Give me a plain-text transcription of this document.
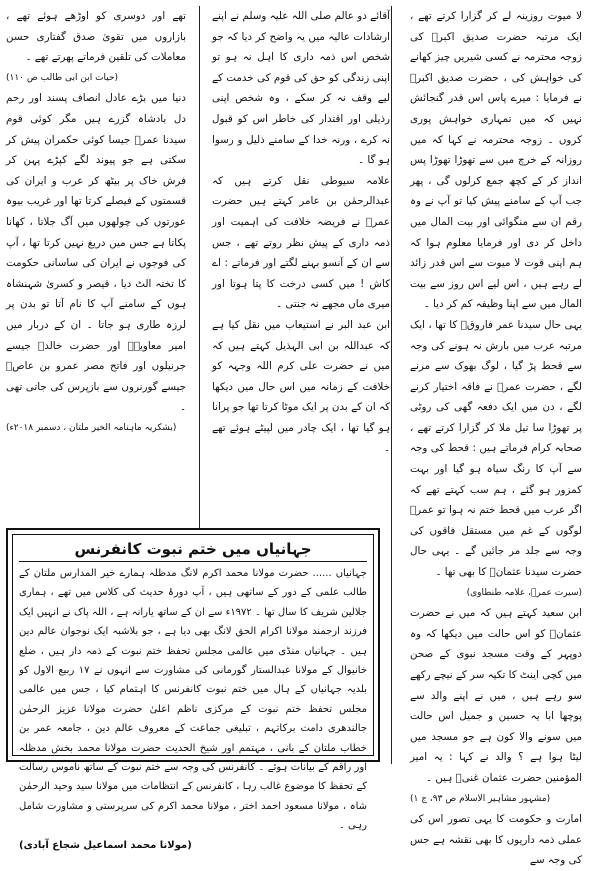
لا میوت روزینہ لے کر گزارا کرتے تھے ، ایک مرتبہ حضرت صدیق اکبرؓ کی زوجہ محترمہ نے کسی شیریں چیز کھانے کی خواہش کی ، حضرت صدیق اکبرؓ نے فرمایا : میرے پاس اس قدر گنجائش نہیں کہ میں تمہاری خواہش پوری کروں ۔ زوجہ محترمہ نے کہا کہ میں روزانہ کے خرچ میں سے تھوڑا تھوڑا پس انداز کر کے کچھ جمع کرلوں گی ، پھر جب آپ کے سامنے پیش کیا تو آپ نے وہ رقم ان سے منگوائی اور بیت المال میں داخل کر دی اور فرمایا معلوم ہوا کہ ہم اپنی قوت لا میوت سے اس قدر زائد لے رہے ہیں ، اس لیے اس روز سے بیت المال میں سے اپنا وظیفہ کم کر دیا ۔

یہی حال سیدنا عمر فاروقؓ کا تھا ، ایک مرتبہ عرب میں بارش نہ ہونے کی وجہ سے قحط پڑ گیا ، لوگ بھوک سے مرنے لگے ، حضرت عمرؓ نے فاقہ اختیار کرنے لگے ، دن میں ایک دفعہ گھی کی روٹی پر تھوڑا سا تیل ملا کر گزارا کرتے تھے ، صحابہ کرام فرماتے ہیں : قحط کی وجہ سے آپ کا رنگ سیاہ ہو گیا اور بہت کمزور ہو گئے ، ہم سب کہتے تھے کہ اگر عرب میں قحط ختم نہ ہوا تو عمرؓ لوگوں کے غم میں مستقل فاقوں کی وجہ سے جلد مر جائیں گے ۔ یہی حال حضرت سیدنا عثمانؓ کا بھی تھا ۔

(سیرت عمرؓ، علامہ طنطاوی)

ابن سعید کہتے ہیں کہ میں نے حضرت عثمانؓ کو اس حالت میں دیکھا کہ وہ دوپہر کے وقت مسجد نبوی کے صحن میں کچی اینٹ کا تکیہ سر کے نیچے رکھے سو رہے ہیں ، میں نے اپنے والد سے پوچھا ابا یہ حسین و جمیل اس حالت میں سونے والا کون ہے جو مسجد میں لیٹا ہوا ہے ؟ والد نے کہا : یہ امیر المؤمنین حضرت عثمان غنیؓ ہیں ۔

(مشہور مشاہیر الاسلام ص ۹۳، ج ۱)

امارت و حکومت کا یہی تصور اس کی عملی ذمہ داریوں کا بھی نقشہ ہے جس کی وجہ سے

آقائے دو عالم صلی اللہ علیہ وسلم نے اپنے ارشادات عالیہ میں یہ واضح کر دیا کہ جو شخص اس ذمہ داری کا اہل نہ ہو تو اپنی زندگی کو حق کی قوم کی خدمت کے لیے وقف نہ کر سکے ، وہ شخص اپنی رذیلی اور اقتدار کی خاطر اس کو قبول نہ کرے ، ورنہ خدا کے سامنے ذلیل و رسوا ہو گا ۔

علامہ سیوطی نقل کرتے ہیں کہ عبدالرحمٰن بن عامر کہتے ہیں حضرت عمرؓ نے فریضہ خلافت کی اہمیت اور ذمہ داری کے پیش نظر روتے تھے ، جس سے ان کے آنسو بہنے لگتے اور فرماتے : اے کاش ! میں کسی درخت کا پتا ہوتا اور میری ماں مجھے نہ جنتی ۔

ابن عبد البر نے استیعاب میں نقل کیا ہے کہ عبداللہ بن ابی الہذیل کہتے ہیں کہ میں نے حضرت علی کرم اللہ وجہہ کو خلافت کے زمانہ میں اس حال میں دیکھا کہ ان کے بدن پر ایک موٹا کرتا تھا جو پرانا ہو گیا تھا ، ایک چادر میں لپیٹے ہوئے تھے ۔

تھے اور دوسری کو اوڑھے ہوئے تھے ، بازاروں میں تقویٰ صدق گفتاری حسن معاملات کی تلقین فرماتے پھرتے تھے ۔

(حیات ابن ابی طالب ص ۱۱۰)

دنیا میں بڑے عادل انصاف پسند اور رحم دل بادشاہ گزرے ہیں مگر کوئی قوم سیدنا عمرؓ جیسا کوئی حکمران پیش کر سکتی ہے جو پیوند لگے کپڑے پہن کر فرش خاک پر بیٹھ کر عرب و ایران کی قسمتوں کے فیصلے کرتا تھا اور غریب بیوہ عورتوں کی چولھوں میں آگ جلاتا ، کھانا پکاتا ہے جس میں دریغ نہیں کرتا تھا ، آپ کی فوجوں نے ایران کی ساسانی حکومت کا تختہ الٹ دیا ، قیصر و کسریٰ شہنشاہ ہوں کے سامنے آپ کا نام آتا تو بدن پر لرزہ طاری ہو جاتا ۔ ان کے دربار میں امیر معاویہؓ اور حضرت خالدؓ جیسے جرنیلوں اور فاتح مصر عمرو بن عاصؓ جیسے گورنروں سے بازپرس کی جاتی تھی ۔

(بشکریہ ماہنامہ الخیر ملتان ، دسمبر ۲۰۱۸ء)
جہانیاں میں ختم نبوت کانفرنس

جہانیاں ...... حضرت مولانا محمد اکرم لانگ مدظلہ ہمارے خیر المدارس ملتان کے طالب علمی کے دور کے ساتھی ہیں ، آپ دورۂ حدیث کی کلاس میں تھے ، ہماری جلالین شریف کا سال تھا ۔ ۱۹۷۲ء سے ان کے ساتھ یارانہ ہے ، اللہ پاک نے انہیں ایک فرزند ارجمند مولانا اکرام الحق لانگ بھی دیا ہے ، جو بلاشبہ ایک نوجوان عالم دین ہیں ۔ جہانیاں منڈی میں عالمی مجلس تحفظ ختم نبوت کے ذمہ دار ہیں ، ضلع خانیوال کے مولانا عبدالستار گورمانی کی مشاورت سے انہوں نے ۱۷ ربیع الاول کو بلدیہ جہانیاں کے ہال میں ختم نبوت کانفرنس کا اہتمام کیا ، جس میں عالمی مجلس تحفظ ختم نبوت کے مرکزی ناظم اعلیٰ حضرت مولانا عزیز الرحمٰن جالندھری دامت برکاتہم ، تبلیغی جماعت کے معروف عالم دین ، جامعہ عمر بن خطاب ملتان کے بانی ، مہتمم اور شیخ الحدیث حضرت مولانا محمد بخش مدظلہ اور راقم کے بیانات ہوئے ۔ کانفرنس کی وجہ سے ختم نبوت کے ساتھ ناموس رسالت کے تحفظ کا موضوع غالب رہا ، کانفرنس کے انتظامات میں مولانا سید وحید الرحمٰن شاہ ، مولانا مسعود احمد اختر ، مولانا محمد اکرم کی سرپرستی و مشاورت شامل رہی ۔

(مولانا محمد اسماعیل شجاع آبادی)
